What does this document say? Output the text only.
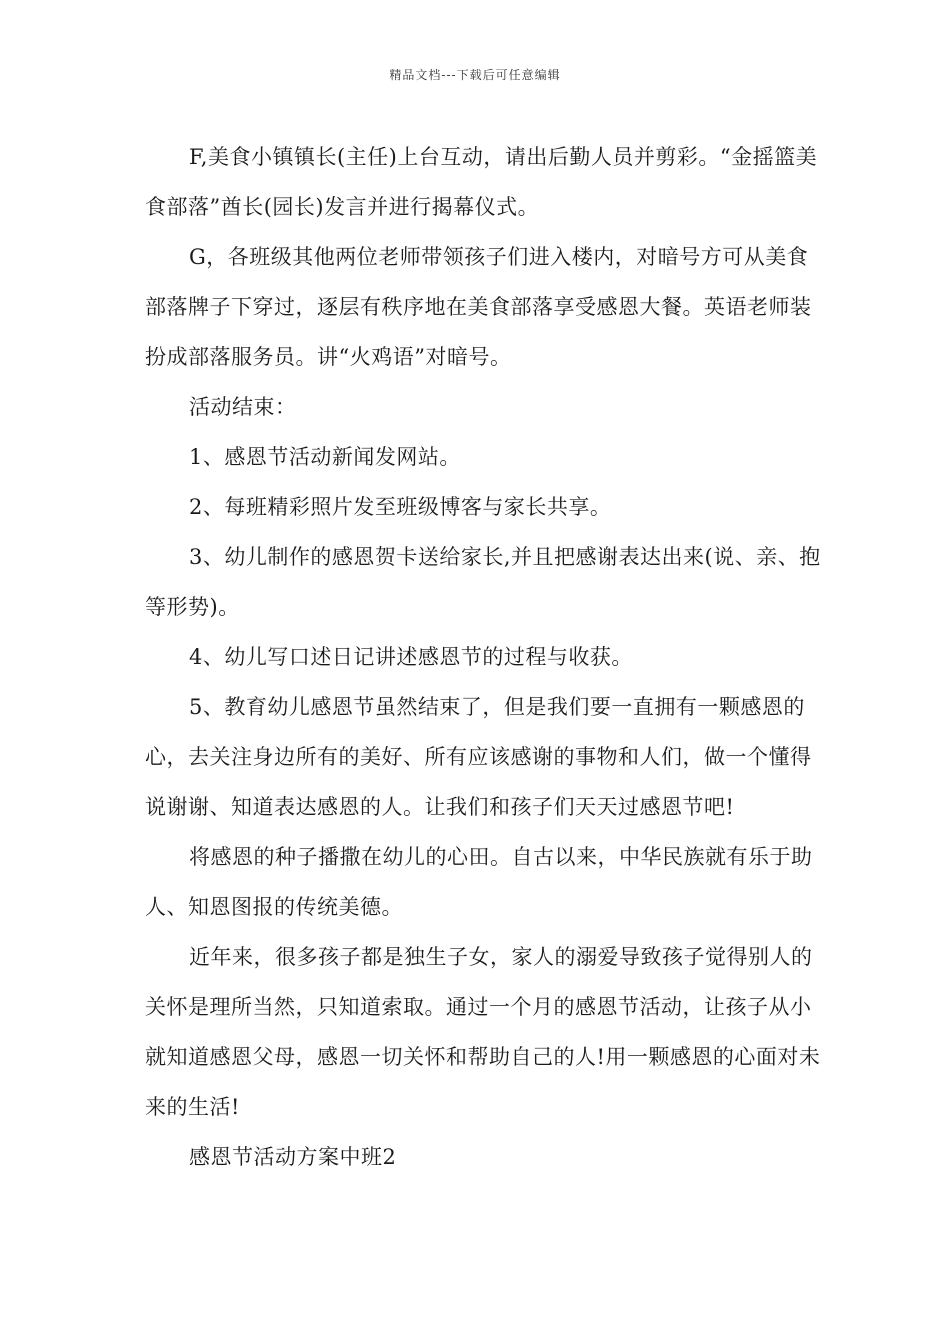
精品文档---下载后可任意编辑

F,美食小镇镇长(主任)上台互动，请出后勤人员并剪彩。“金摇篮美食部落”酋长(园长)发言并进行揭幕仪式。

G，各班级其他两位老师带领孩子们进入楼内，对暗号方可从美食部落牌子下穿过，逐层有秩序地在美食部落享受感恩大餐。英语老师装扮成部落服务员。讲“火鸡语”对暗号。

活动结束：

1、感恩节活动新闻发网站。

2、每班精彩照片发至班级博客与家长共享。

3、幼儿制作的感恩贺卡送给家长,并且把感谢表达出来(说、亲、抱等形势)。

4、幼儿写口述日记讲述感恩节的过程与收获。

5、教育幼儿感恩节虽然结束了，但是我们要一直拥有一颗感恩的心，去关注身边所有的美好、所有应该感谢的事物和人们，做一个懂得说谢谢、知道表达感恩的人。让我们和孩子们天天过感恩节吧!

将感恩的种子播撒在幼儿的心田。自古以来，中华民族就有乐于助人、知恩图报的传统美德。

近年来，很多孩子都是独生子女，家人的溺爱导致孩子觉得别人的关怀是理所当然，只知道索取。通过一个月的感恩节活动，让孩子从小就知道感恩父母，感恩一切关怀和帮助自己的人!用一颗感恩的心面对未来的生活!

感恩节活动方案中班2
